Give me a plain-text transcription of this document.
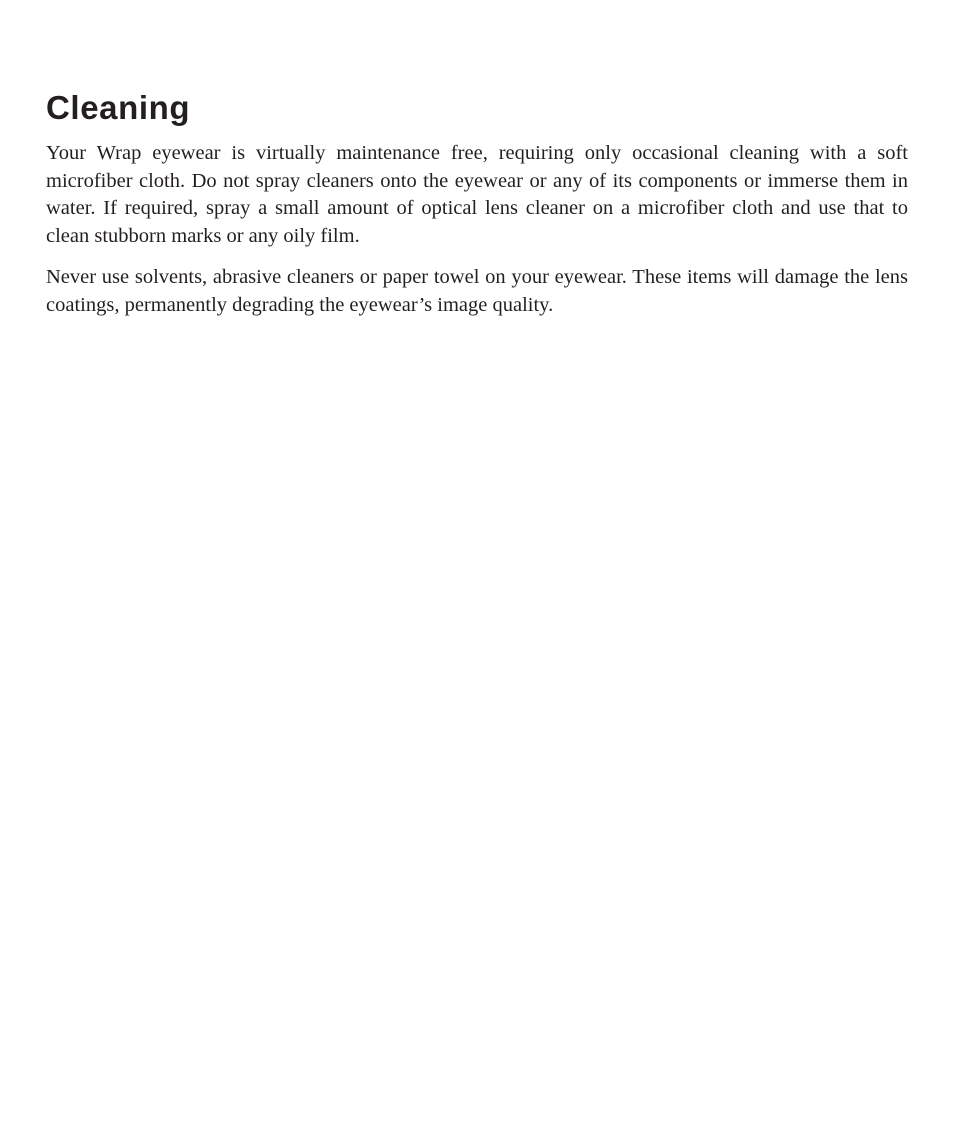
Cleaning

Your Wrap eyewear is virtually maintenance free, requiring only occasional cleaning with a soft microfiber cloth. Do not spray cleaners onto the eyewear or any of its components or immerse them in water. If required, spray a small amount of optical lens cleaner on a microfiber cloth and use that to clean stubborn marks or any oily film.

Never use solvents, abrasive cleaners or paper towel on your eyewear. These items will damage the lens coatings, permanently degrading the eyewear’s image quality.
